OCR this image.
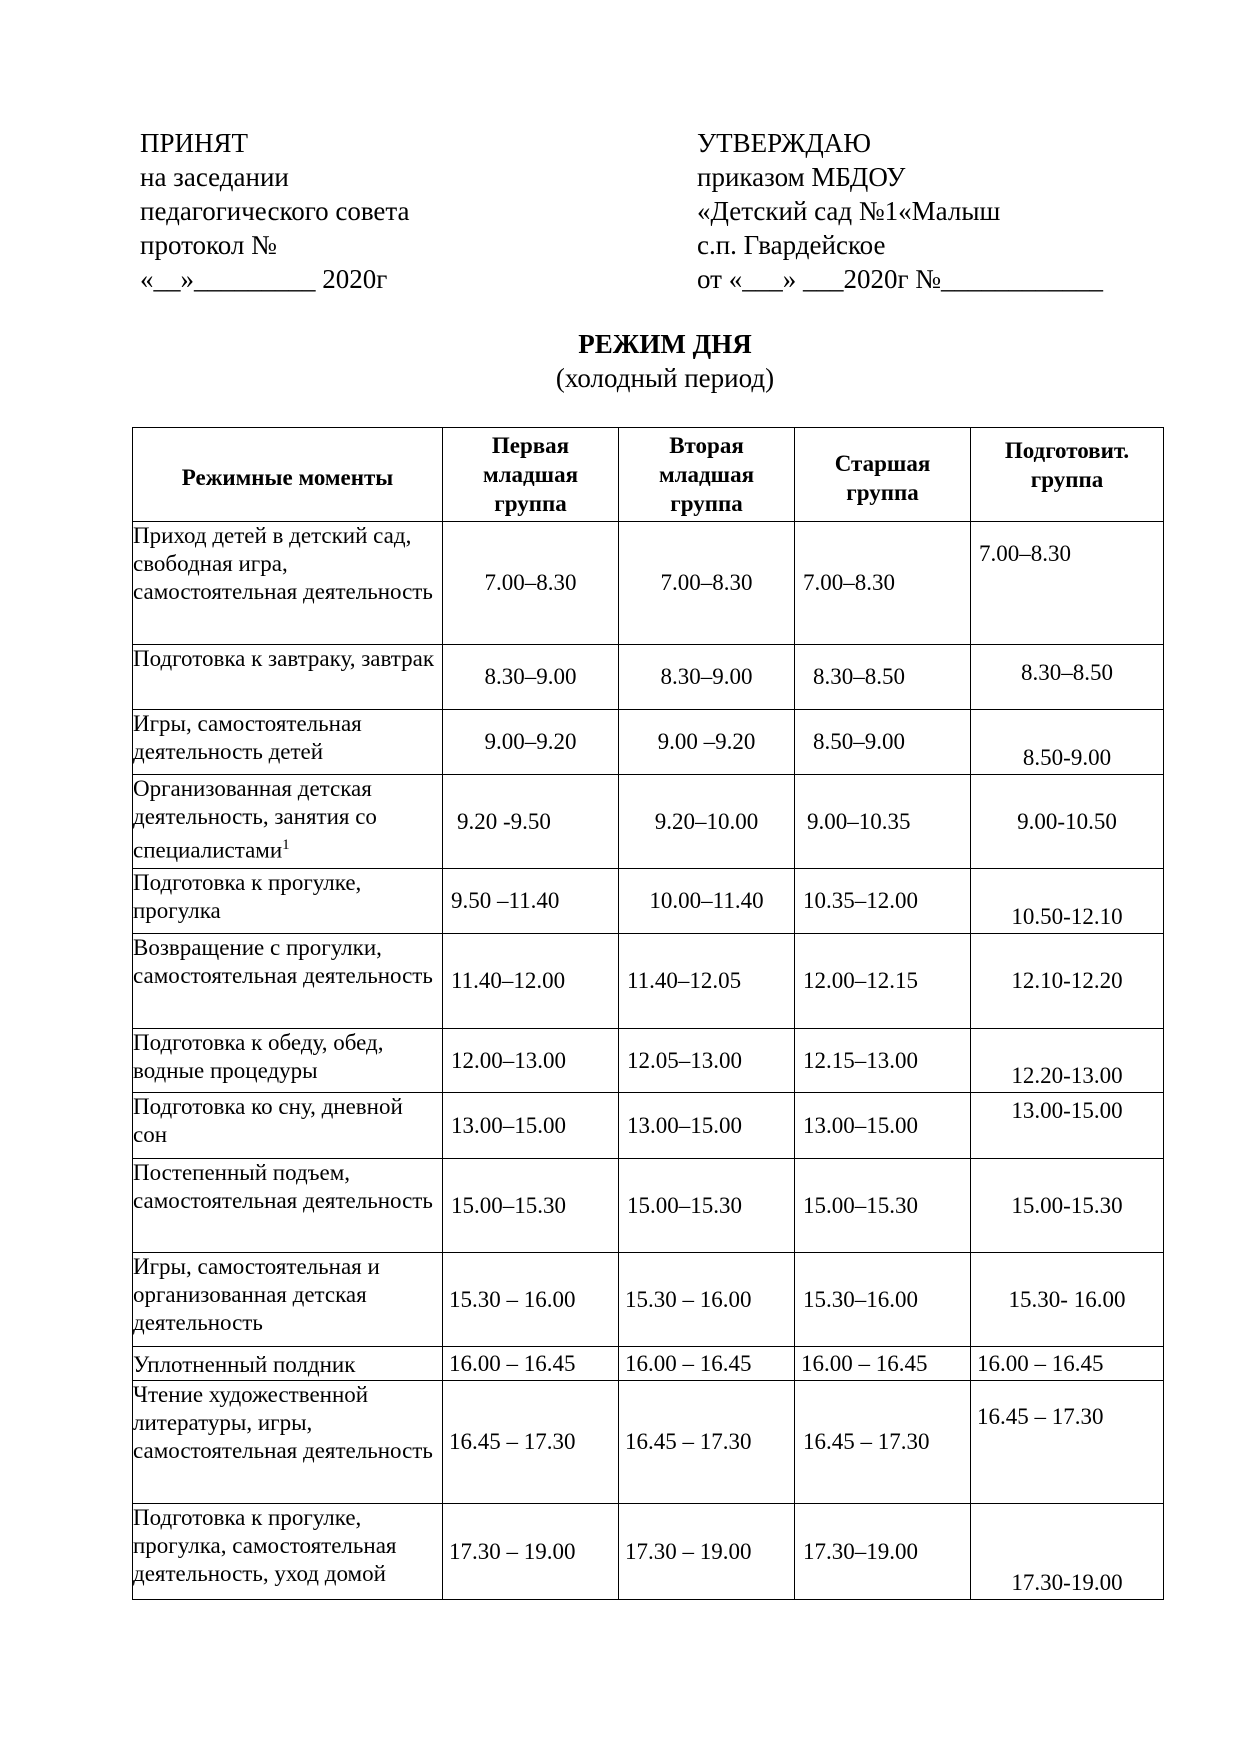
ПРИНЯТ
на заседании
педагогического совета
протокол №
«__»_________ 2020г
УТВЕРЖДАЮ
приказом МБДОУ
«Детский сад №1«Малыш
с.п. Гвардейское
от «___» ___2020г №____________
РЕЖИМ ДНЯ
(холодный период)
Режимные моменты	Первая младшая группа	Вторая младшая группа	Старшая группа	Подготовит. группа
Приход детей в детский сад, свободная игра, самостоятельная деятельность	7.00–8.30	7.00–8.30	7.00–8.30	7.00–8.30
Подготовка к завтраку, завтрак	8.30–9.00	8.30–9.00	8.30–8.50	8.30–8.50
Игры, самостоятельная деятельность детей	9.00–9.20	9.00 –9.20	8.50–9.00	8.50-9.00
Организованная детская деятельность, занятия со специалистами$^1$	9.20 -9.50	9.20–10.00	9.00–10.35	9.00-10.50
Подготовка к прогулке, прогулка	9.50 –11.40	10.00–11.40	10.35–12.00	10.50-12.10
Возвращение с прогулки, самостоятельная деятельность	11.40–12.00	11.40–12.05	12.00–12.15	12.10-12.20
Подготовка к обеду, обед, водные процедуры	12.00–13.00	12.05–13.00	12.15–13.00	12.20-13.00
Подготовка ко сну, дневной сон	13.00–15.00	13.00–15.00	13.00–15.00	13.00-15.00
Постепенный подъем, самостоятельная деятельность	15.00–15.30	15.00–15.30	15.00–15.30	15.00-15.30
Игры, самостоятельная и организованная детская деятельность	15.30 – 16.00	15.30 – 16.00	15.30–16.00	15.30- 16.00
Уплотненный полдник	16.00 – 16.45	16.00 – 16.45	16.00 – 16.45	16.00 – 16.45
Чтение художественной литературы, игры, самостоятельная деятельность	16.45 – 17.30	16.45 – 17.30	16.45 – 17.30	16.45 – 17.30
Подготовка к прогулке, прогулка, самостоятельная деятельность, уход домой	17.30 – 19.00	17.30 – 19.00	17.30–19.00	17.30-19.00
